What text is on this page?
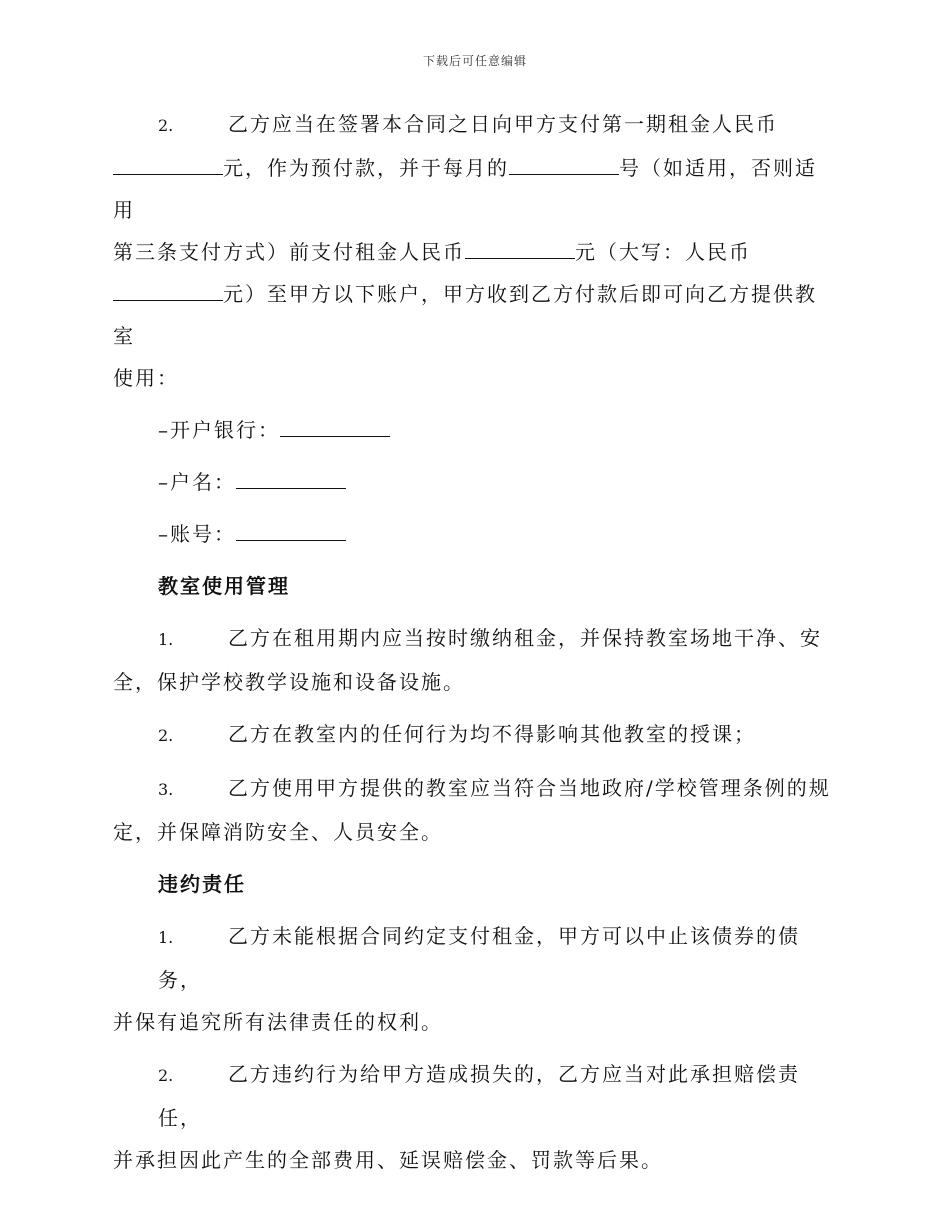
下载后可任意编辑
2.	乙方应当在签署本合同之日向甲方支付第一期租金人民币
元，作为预付款，并于每月的	号（如适用，否则适用
第三条支付方式）前支付租金人民币	元（大写：人民币
元）至甲方以下账户，甲方收到乙方付款后即可向乙方提供教室
使用：
–开户银行：
–户名：
–账号：
教室使用管理
1.	乙方在租用期内应当按时缴纳租金，并保持教室场地干净、安
全，保护学校教学设施和设备设施。
2.	乙方在教室内的任何行为均不得影响其他教室的授课；
3.	乙方使用甲方提供的教室应当符合当地政府/学校管理条例的规
定，并保障消防安全、人员安全。
违约责任
1.	乙方未能根据合同约定支付租金，甲方可以中止该债券的债务，
并保有追究所有法律责任的权利。
2.	乙方违约行为给甲方造成损失的，乙方应当对此承担赔偿责任，
并承担因此产生的全部费用、延误赔偿金、罚款等后果。
